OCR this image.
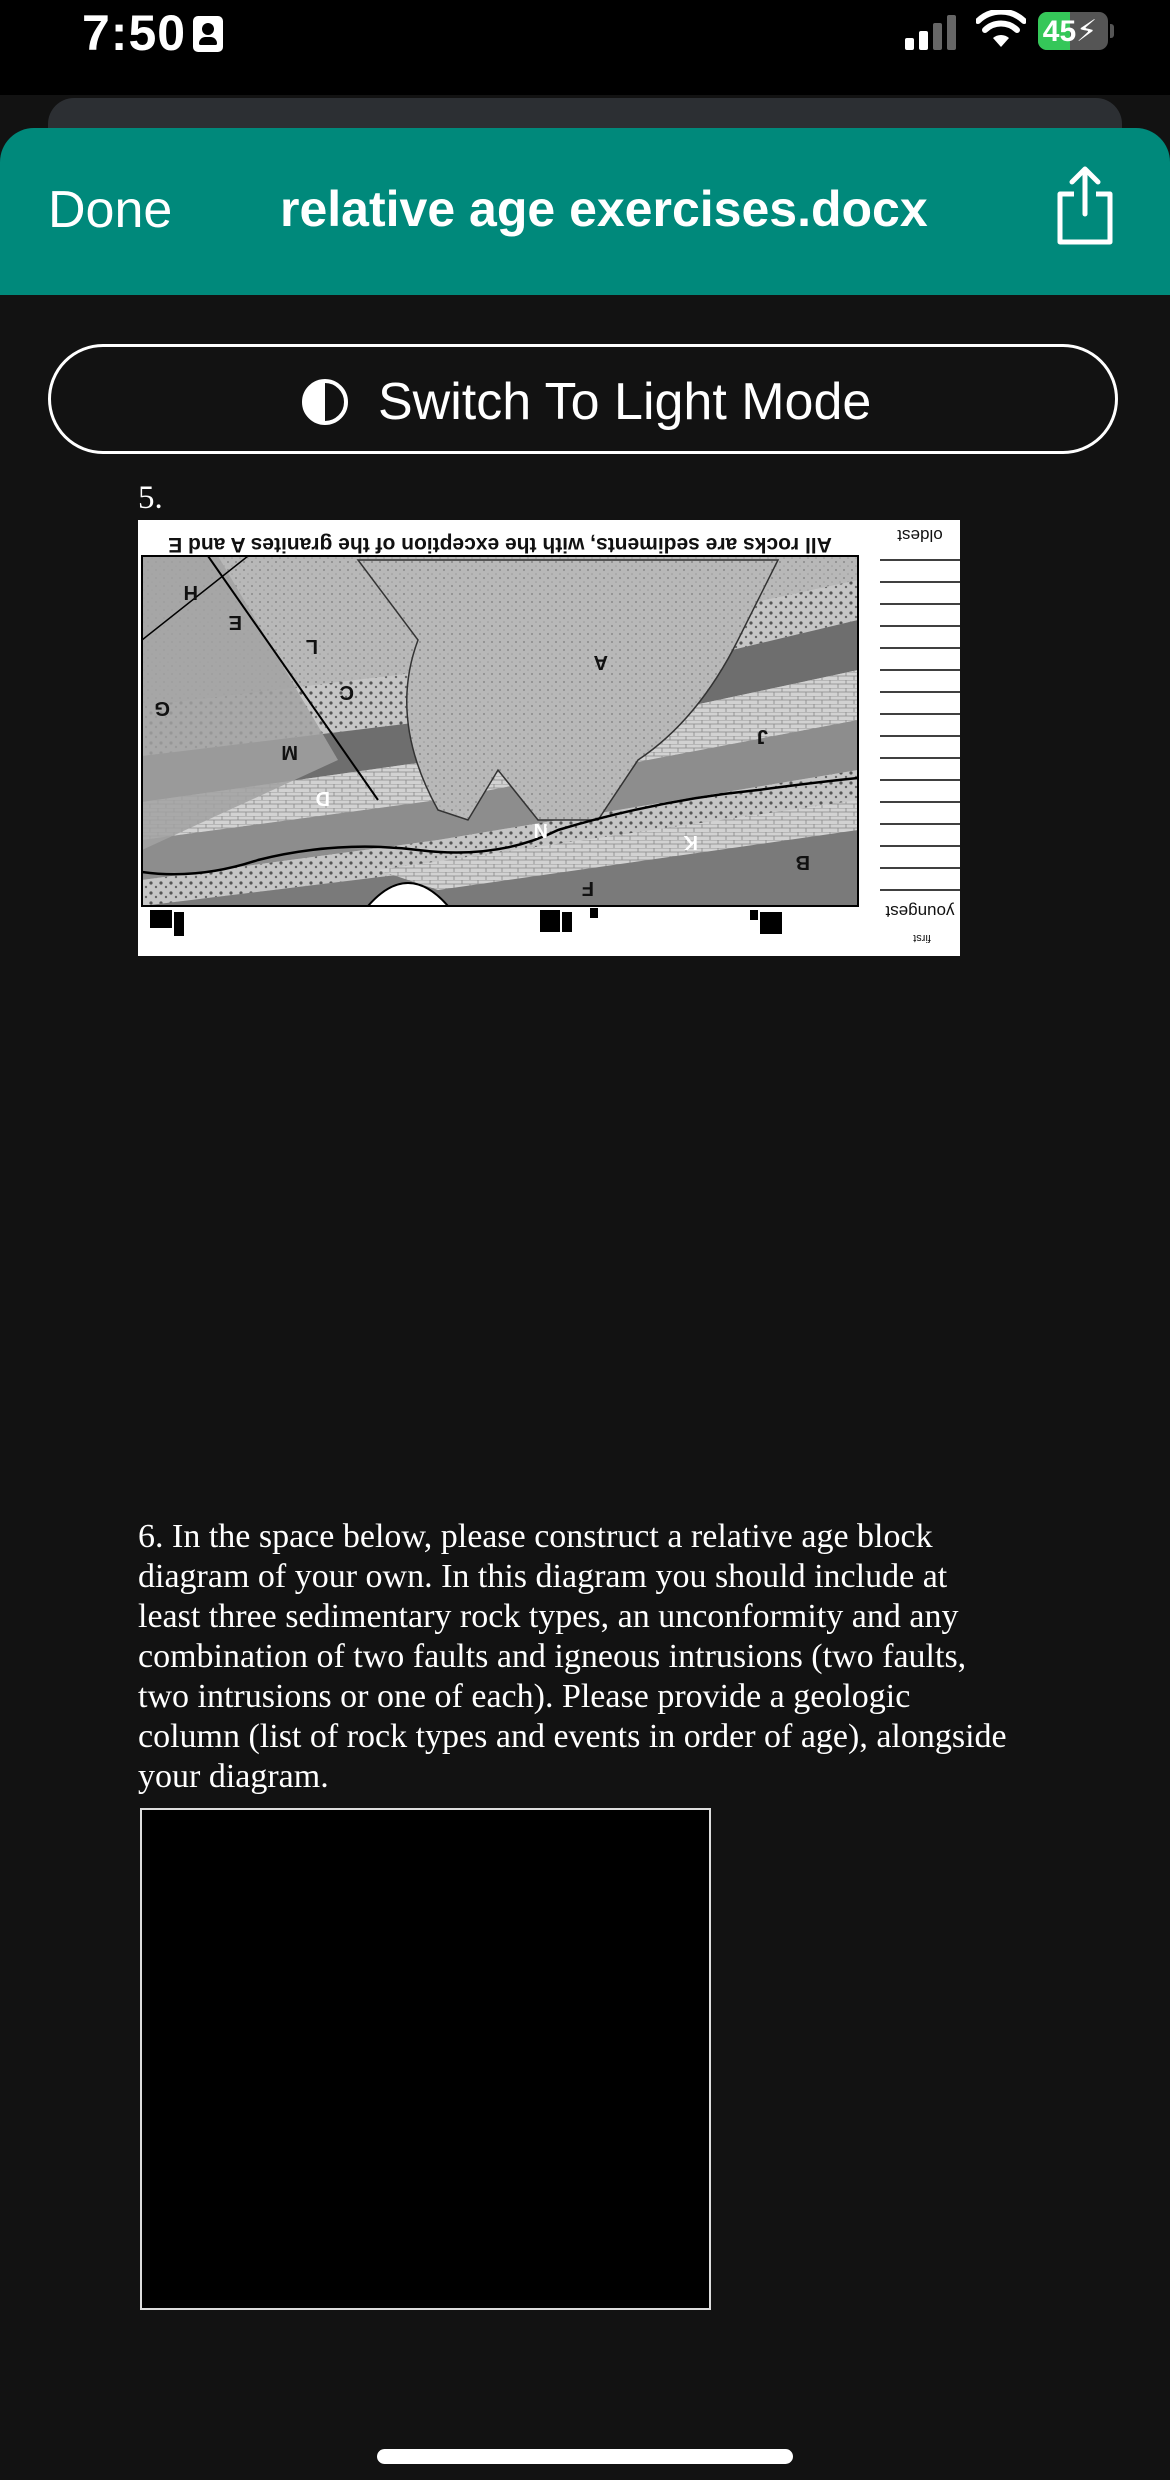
7:50	45⚡
Done relative age exercises.docx
Switch To Light Mode
5.
All rocks are sediments, with the exception of the granites A and E
H
E
L
C
G
M
D
A
N
F
K
J
B
oldest
youngest
first
6. In the space below, please construct a relative age block diagram of your own. In this diagram you should include at least three sedimentary rock types, an unconformity and any combination of two faults and igneous intrusions (two faults, two intrusions or one of each). Please provide a geologic column (list of rock types and events in order of age), alongside your diagram.
